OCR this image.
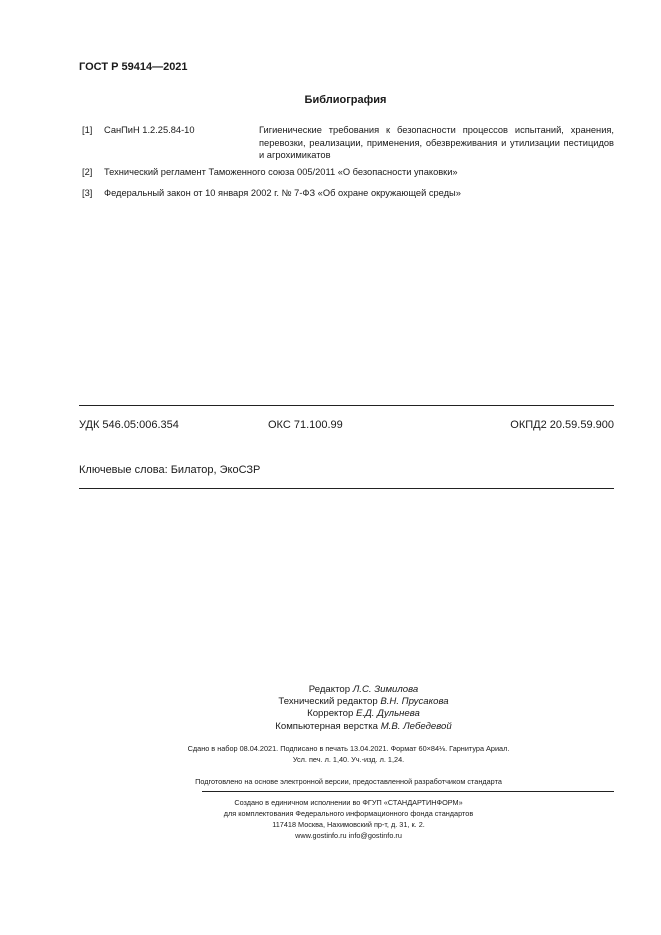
ГОСТ Р 59414—2021
Библиография
[1] СанПиН 1.2.25.84-10	Гигиенические требования к безопасности процессов испытаний, хранения, перевозки, реализации, применения, обезвреживания и утилизации пестицидов и агрохимикатов
[2] Технический регламент Таможенного союза 005/2011 «О безопасности упаковки»
[3] Федеральный закон от 10 января 2002 г. № 7-ФЗ «Об охране окружающей среды»
УДК 546.05:006.354	ОКС 71.100.99	ОКПД2 20.59.59.900
Ключевые слова: Билатор, ЭкоСЗР
Редактор Л.С. Зимилова
Технический редактор В.Н. Прусакова
Корректор Е.Д. Дульнева
Компьютерная верстка М.В. Лебедевой
Сдано в набор 08.04.2021. Подписано в печать 13.04.2021. Формат 60×84⅛. Гарнитура Ариал.
Усл. печ. л. 1,40. Уч.-изд. л. 1,24.
Подготовлено на основе электронной версии, предоставленной разработчиком стандарта
Создано в единичном исполнении во ФГУП «СТАНДАРТИНФОРМ»
для комплектования Федерального информационного фонда стандартов
117418 Москва, Нахимовский пр-т, д. 31, к. 2.
www.gostinfo.ru info@gostinfo.ru
